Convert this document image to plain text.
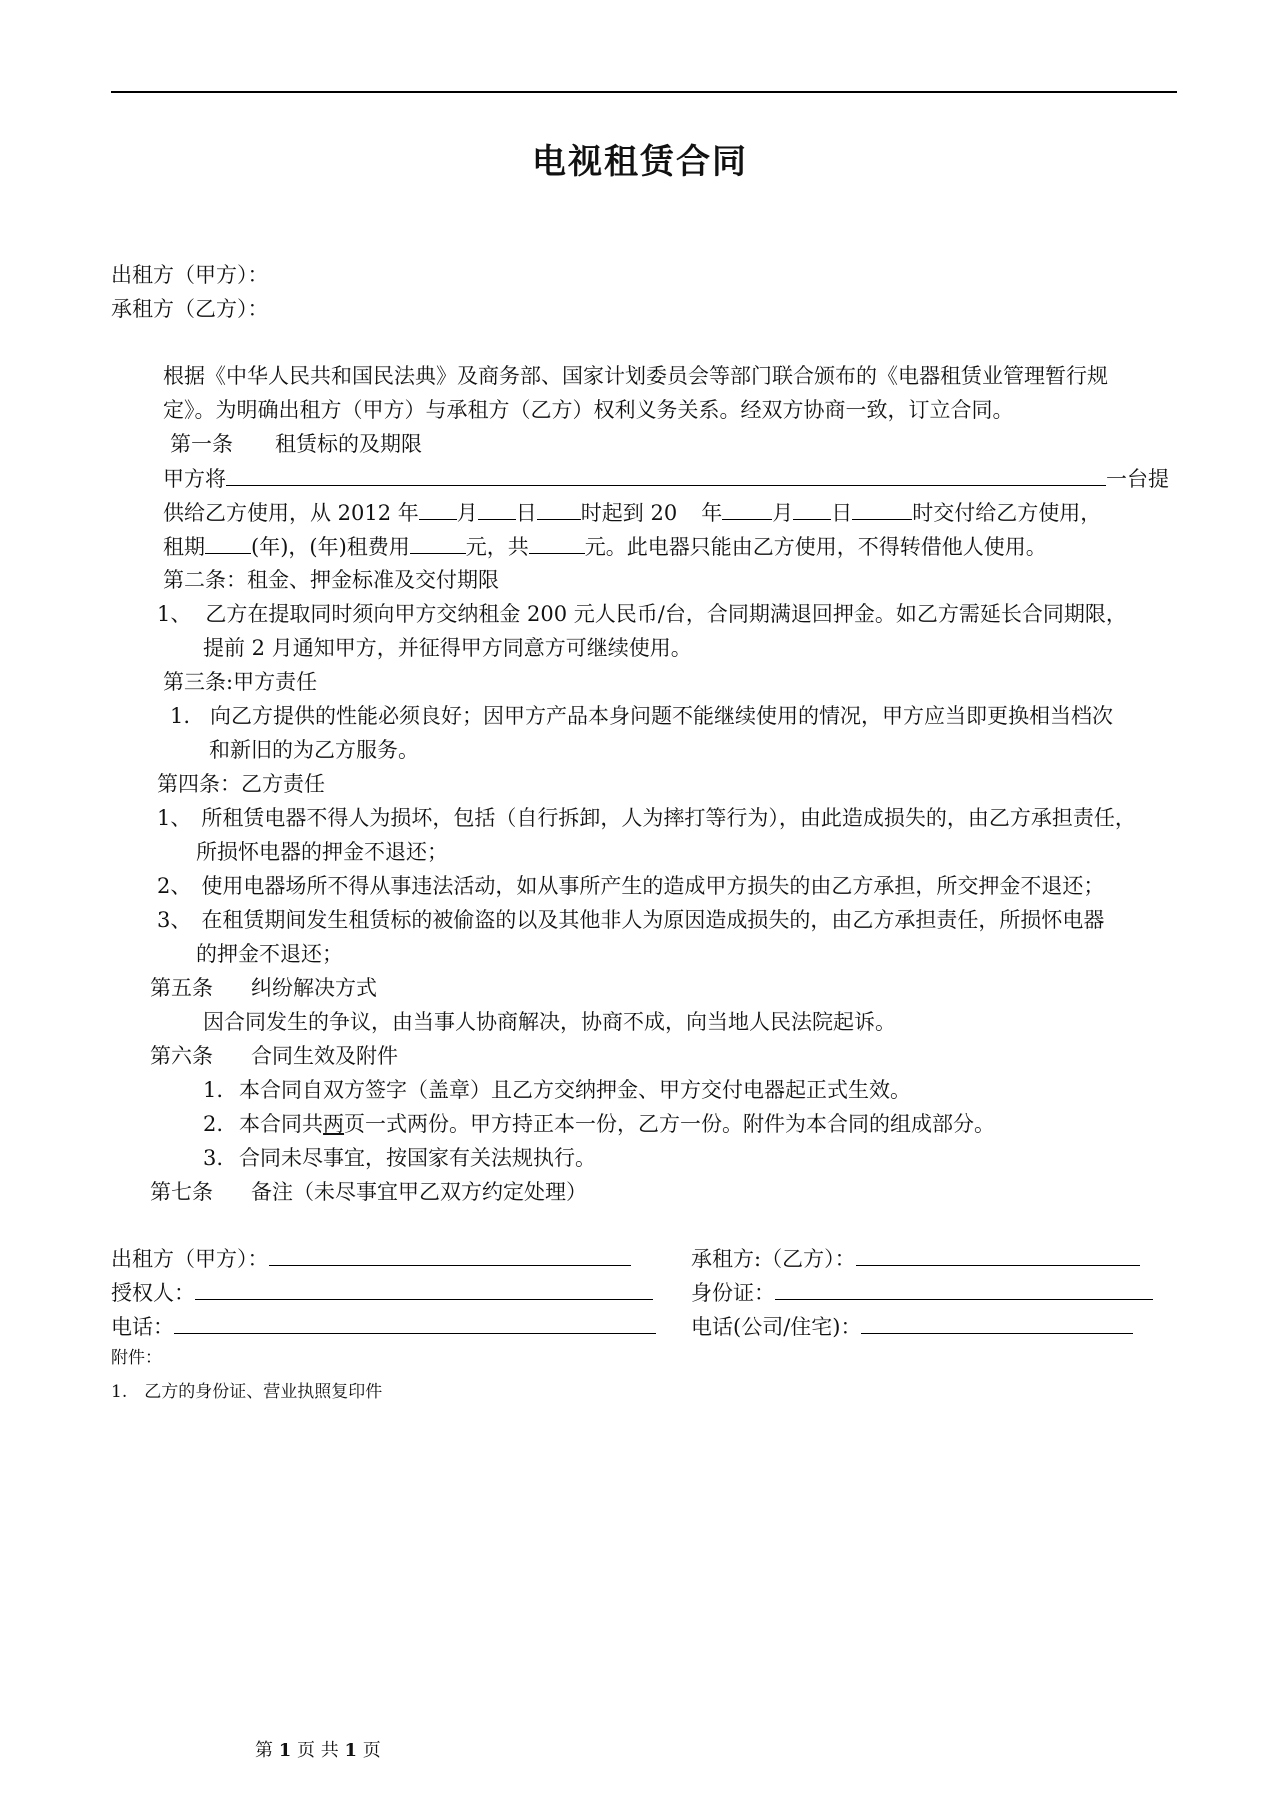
电视租赁合同
出租方（甲方）：
承租方（乙方）：
根据《中华人民共和国民法典》及商务部、国家计划委员会等部门联合颁布的《电器租赁业管理暂行规
定》。为明确出租方（甲方）与承租方（乙方）权利义务关系。经双方协商一致，订立合同。
第一条 租赁标的及期限
甲方将	一台提
供给乙方使用，从 2012 年 月 日 时起到 20 年 月 日	时交付给乙方使用，
租期 (年)，(年)租费用	元，共	元。此电器只能由乙方使用，不得转借他人使用。
第二条：租金、押金标准及交付期限
1、 乙方在提取同时须向甲方交纳租金 200 元人民币/台，合同期满退回押金。如乙方需延长合同期限，
提前 2 月通知甲方，并征得甲方同意方可继续使用。
第三条:甲方责任
1. 向乙方提供的性能必须良好；因甲方产品本身问题不能继续使用的情况，甲方应当即更换相当档次
和新旧的为乙方服务。
第四条：乙方责任
1、 所租赁电器不得人为损坏，包括（自行拆卸，人为摔打等行为），由此造成损失的，由乙方承担责任，
所损怀电器的押金不退还；
2、 使用电器场所不得从事违法活动，如从事所产生的造成甲方损失的由乙方承担，所交押金不退还；
3、 在租赁期间发生租赁标的被偷盗的以及其他非人为原因造成损失的，由乙方承担责任，所损怀电器
的押金不退还；
第五条 纠纷解决方式
因合同发生的争议，由当事人协商解决，协商不成，向当地人民法院起诉。
第六条 合同生效及附件
1. 本合同自双方签字（盖章）且乙方交纳押金、甲方交付电器起正式生效。
2. 本合同共两页一式两份。甲方持正本一份，乙方一份。附件为本合同的组成部分。
3. 合同未尽事宜，按国家有关法规执行。
第七条 备注（未尽事宜甲乙双方约定处理）
出租方（甲方）：
授权人：
电话：
承租方:（乙方）：
身份证：
电话(公司/住宅)：
附件：
1.　乙方的身份证、营业执照复印件
第 1 页 共 1 页
